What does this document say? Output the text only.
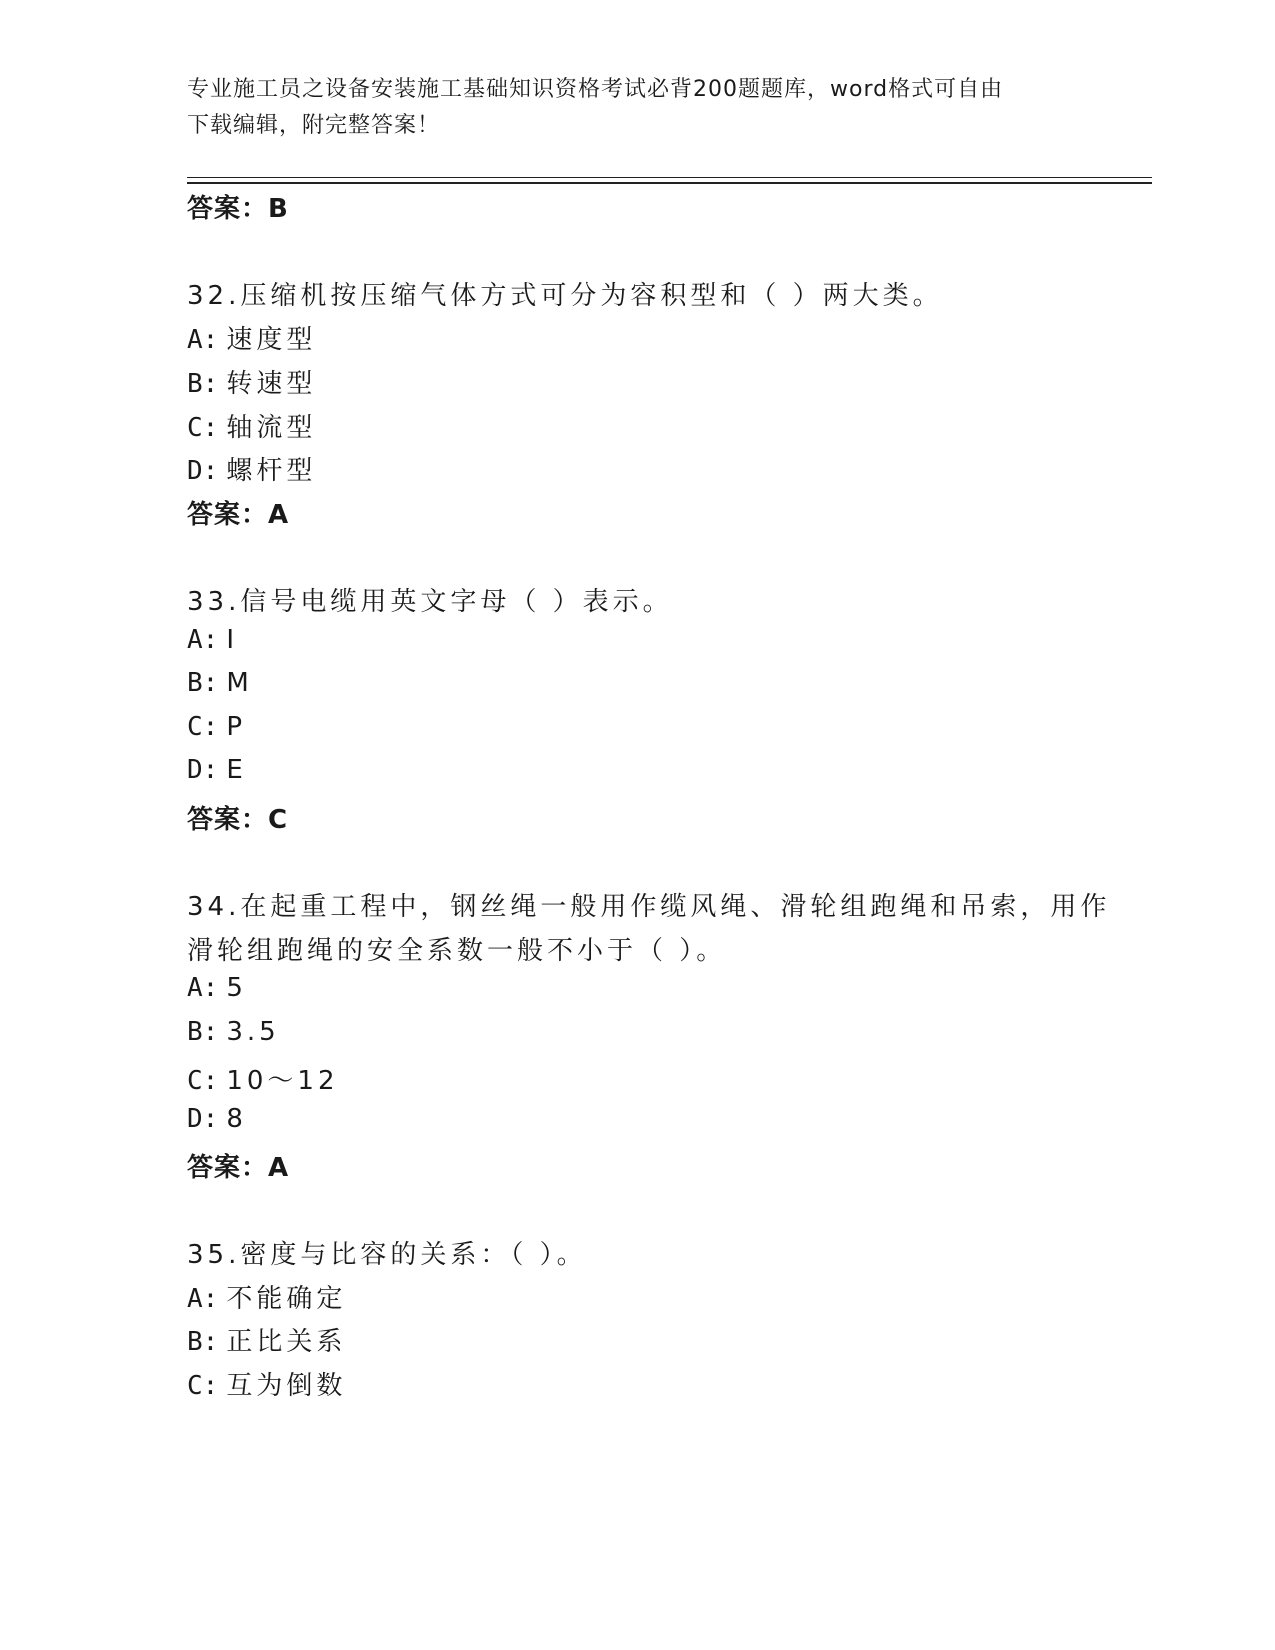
专业施工员之设备安装施工基础知识资格考试必背200题题库，word格式可自由
下载编辑，附完整答案！
答案：B
32.压缩机按压缩气体方式可分为容积型和（ ）两大类。
A: 速度型
B: 转速型
C: 轴流型
D: 螺杆型
答案：A
33.信号电缆用英文字母（ ）表示。
A: I
B: M
C: P
D: E
答案：C
34.在起重工程中，钢丝绳一般用作缆风绳、滑轮组跑绳和吊索，用作
滑轮组跑绳的安全系数一般不小于（ ）。
A: 5
B: 3.5
C: 10～12
D: 8
答案：A
35.密度与比容的关系：（ ）。
A: 不能确定
B: 正比关系
C: 互为倒数
